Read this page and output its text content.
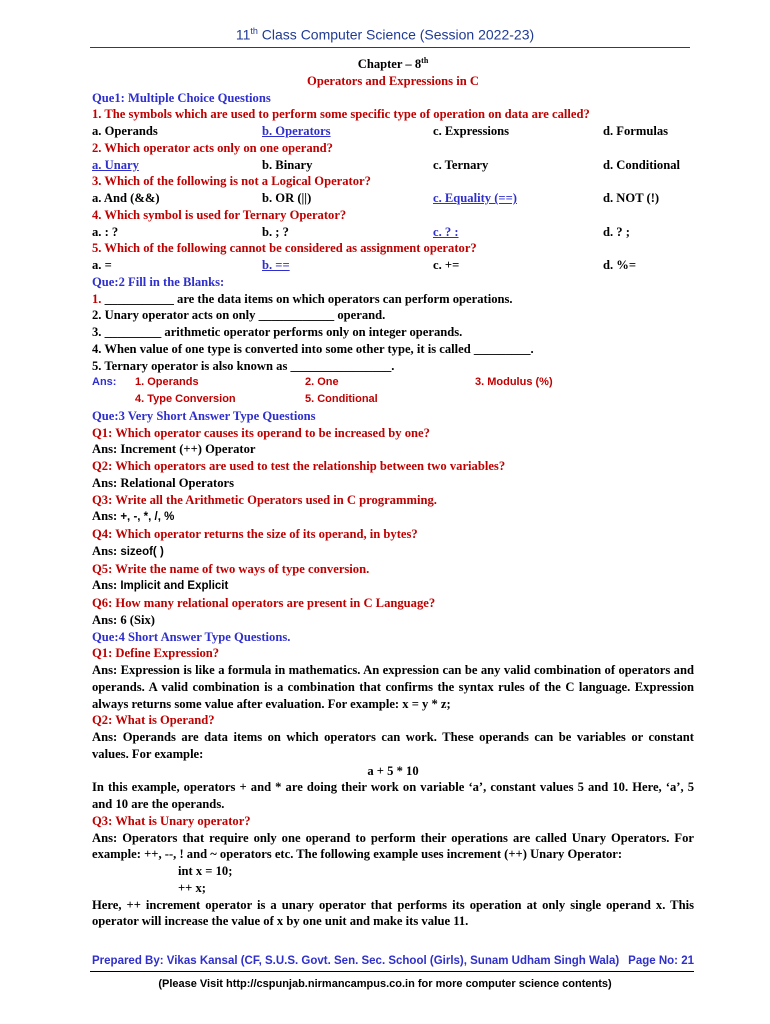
11th Class Computer Science (Session 2022-23)
Chapter – 8th
Operators and Expressions in C
Que1: Multiple Choice Questions
1. The symbols which are used to perform some specific type of operation on data are called?
a. Operands	b. Operators	c. Expressions	d. Formulas
2. Which operator acts only on one operand?
a. Unary	b. Binary	c. Ternary	d. Conditional
3. Which of the following is not a Logical Operator?
a. And (&&)	b. OR (||)	c. Equality (==)	d. NOT (!)
4. Which symbol is used for Ternary Operator?
a. : ?	b. ; ?	c. ? :	d. ? ;
5. Which of the following cannot be considered as assignment operator?
a. =	b. ==	c. +=	d. %=
Que:2 Fill in the Blanks:
1. ___________ are the data items on which operators can perform operations.
2. Unary operator acts on only ____________ operand.
3. _________ arithmetic operator performs only on integer operands.
4. When value of one type is converted into some other type, it is called _________.
5. Ternary operator is also known as ________________.
Ans:	1. Operands	2. One	3. Modulus (%)
4. Type Conversion	5. Conditional
Que:3 Very Short Answer Type Questions
Q1: Which operator causes its operand to be increased by one?
Ans: Increment (++) Operator
Q2: Which operators are used to test the relationship between two variables?
Ans: Relational Operators
Q3: Write all the Arithmetic Operators used in C programming.
Ans: +, -, *, /, %
Q4: Which operator returns the size of its operand, in bytes?
Ans: sizeof( )
Q5: Write the name of two ways of type conversion.
Ans: Implicit and Explicit
Q6: How many relational operators are present in C Language?
Ans: 6 (Six)
Que:4 Short Answer Type Questions.
Q1: Define Expression?
Ans: Expression is like a formula in mathematics. An expression can be any valid combination of operators and operands. A valid combination is a combination that confirms the syntax rules of the C language. Expression always returns some value after evaluation. For example: x = y * z;
Q2: What is Operand?
Ans: Operands are data items on which operators can work. These operands can be variables or constant values. For example:
a + 5 * 10
In this example, operators + and * are doing their work on variable ‘a’, constant values 5 and 10. Here, ‘a’, 5 and 10 are the operands.
Q3: What is Unary operator?
Ans: Operators that require only one operand to perform their operations are called Unary Operators. For example: ++, --, ! and ~ operators etc. The following example uses increment (++) Unary Operator:
int x = 10;
++ x;
Here, ++ increment operator is a unary operator that performs its operation at only single operand x. This operator will increase the value of x by one unit and make its value 11.
Prepared By: Vikas Kansal (CF, S.U.S. Govt. Sen. Sec. School (Girls), Sunam Udham Singh Wala) Page No: 21
(Please Visit http://cspunjab.nirmancampus.co.in for more computer science contents)
